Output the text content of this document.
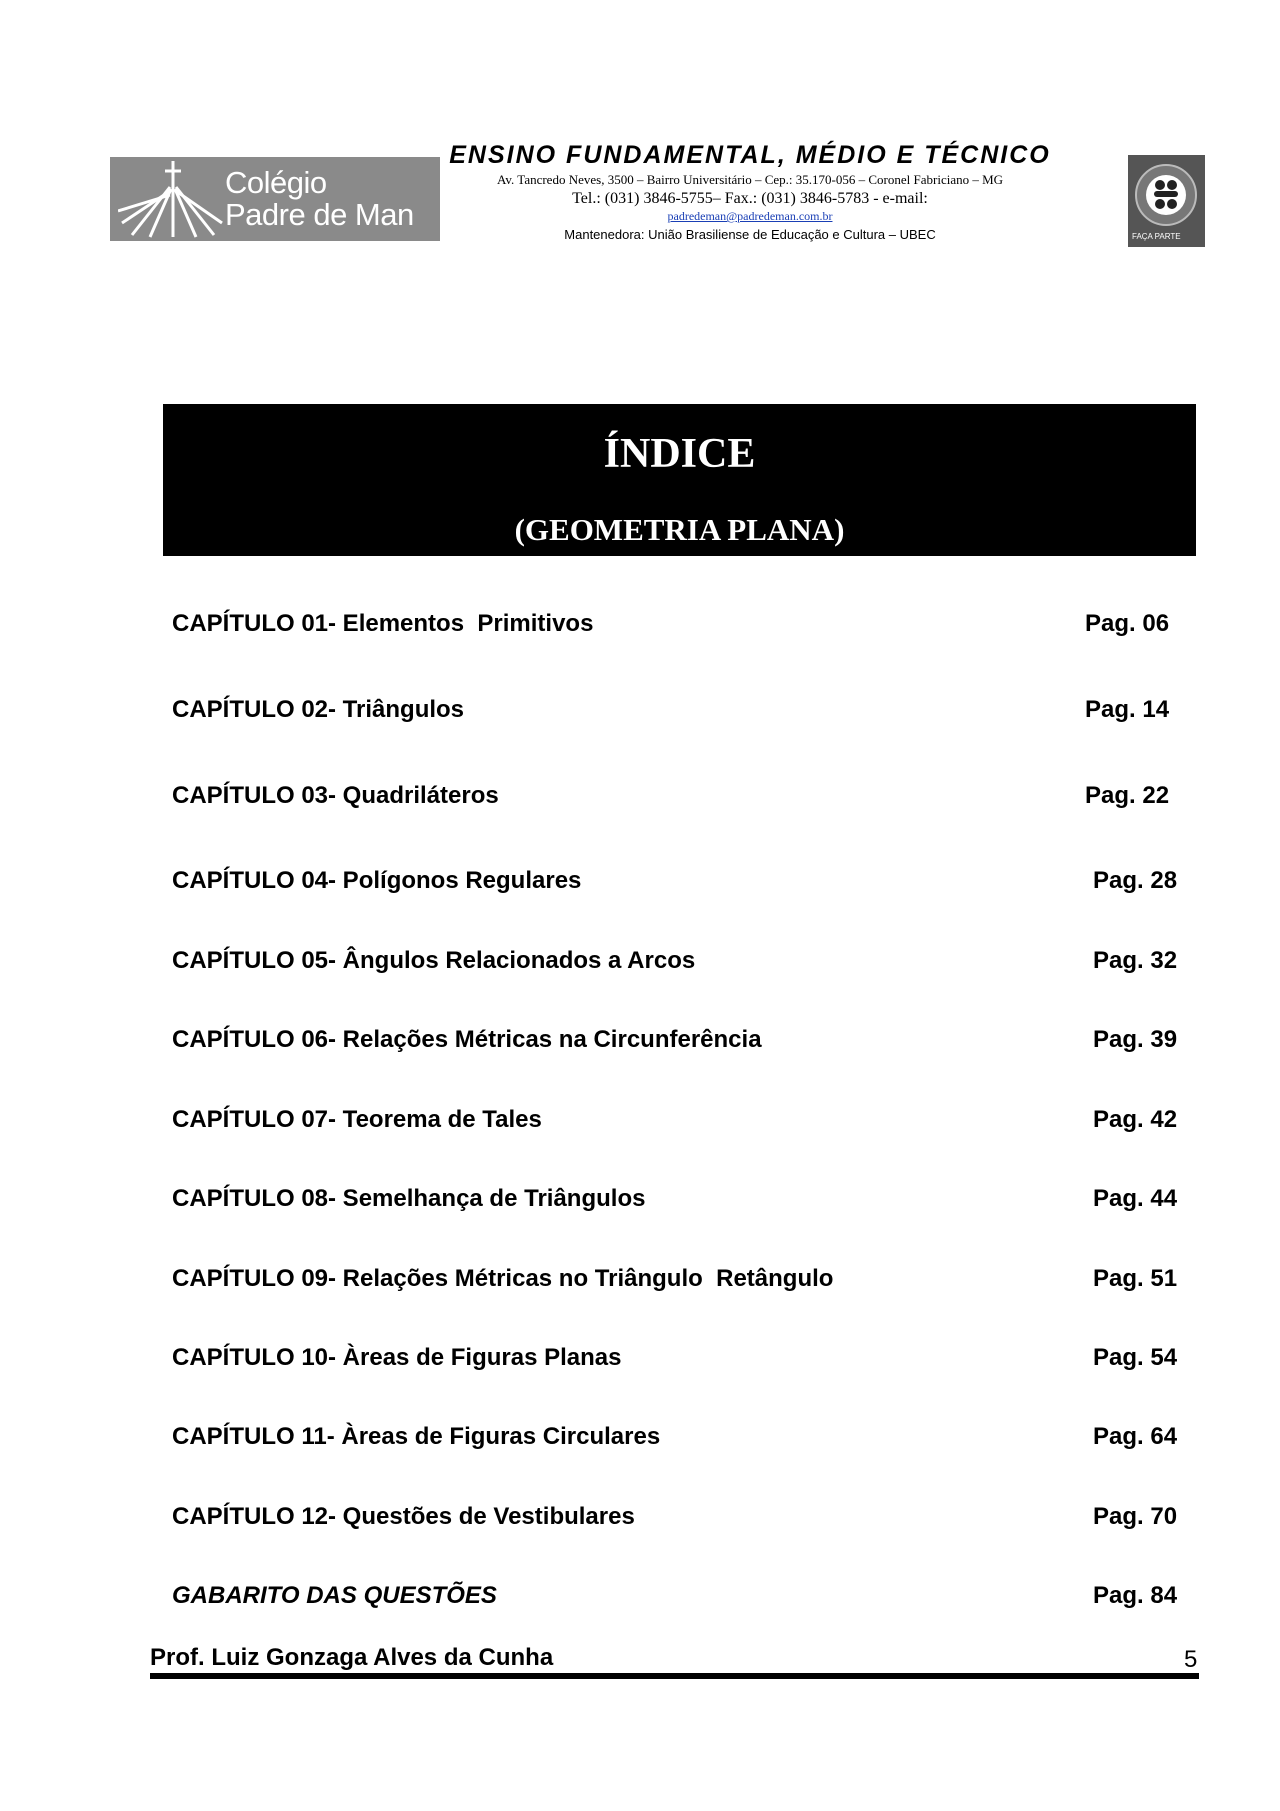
Colégio
Padre de Man
ENSINO FUNDAMENTAL, MÉDIO E TÉCNICO
Av. Tancredo Neves, 3500 – Bairro Universitário – Cep.: 35.170-056 – Coronel Fabriciano – MG
Tel.: (031) 3846-5755– Fax.: (031) 3846-5783 - e-mail:
padredeman@padredeman.com.br
Mantenedora: União Brasiliense de Educação e Cultura – UBEC	FAÇA PARTE
ÍNDICE
(GEOMETRIA PLANA)
CAPÍTULO 01- Elementos  Primitivos	Pag. 06
CAPÍTULO 02- Triângulos	Pag. 14
CAPÍTULO 03- Quadriláteros	Pag. 22
CAPÍTULO 04- Polígonos Regulares	Pag. 28
CAPÍTULO 05- Ângulos Relacionados a Arcos	Pag. 32
CAPÍTULO 06- Relações Métricas na Circunferência	Pag. 39
CAPÍTULO 07- Teorema de Tales	Pag. 42
CAPÍTULO 08- Semelhança de Triângulos	Pag. 44
CAPÍTULO 09- Relações Métricas no Triângulo  Retângulo	Pag. 51
CAPÍTULO 10- Àreas de Figuras Planas	Pag. 54
CAPÍTULO 11- Àreas de Figuras Circulares	Pag. 64
CAPÍTULO 12- Questões de Vestibulares	Pag. 70
GABARITO DAS QUESTÕES	Pag. 84
Prof. Luiz Gonzaga Alves da Cunha	5
